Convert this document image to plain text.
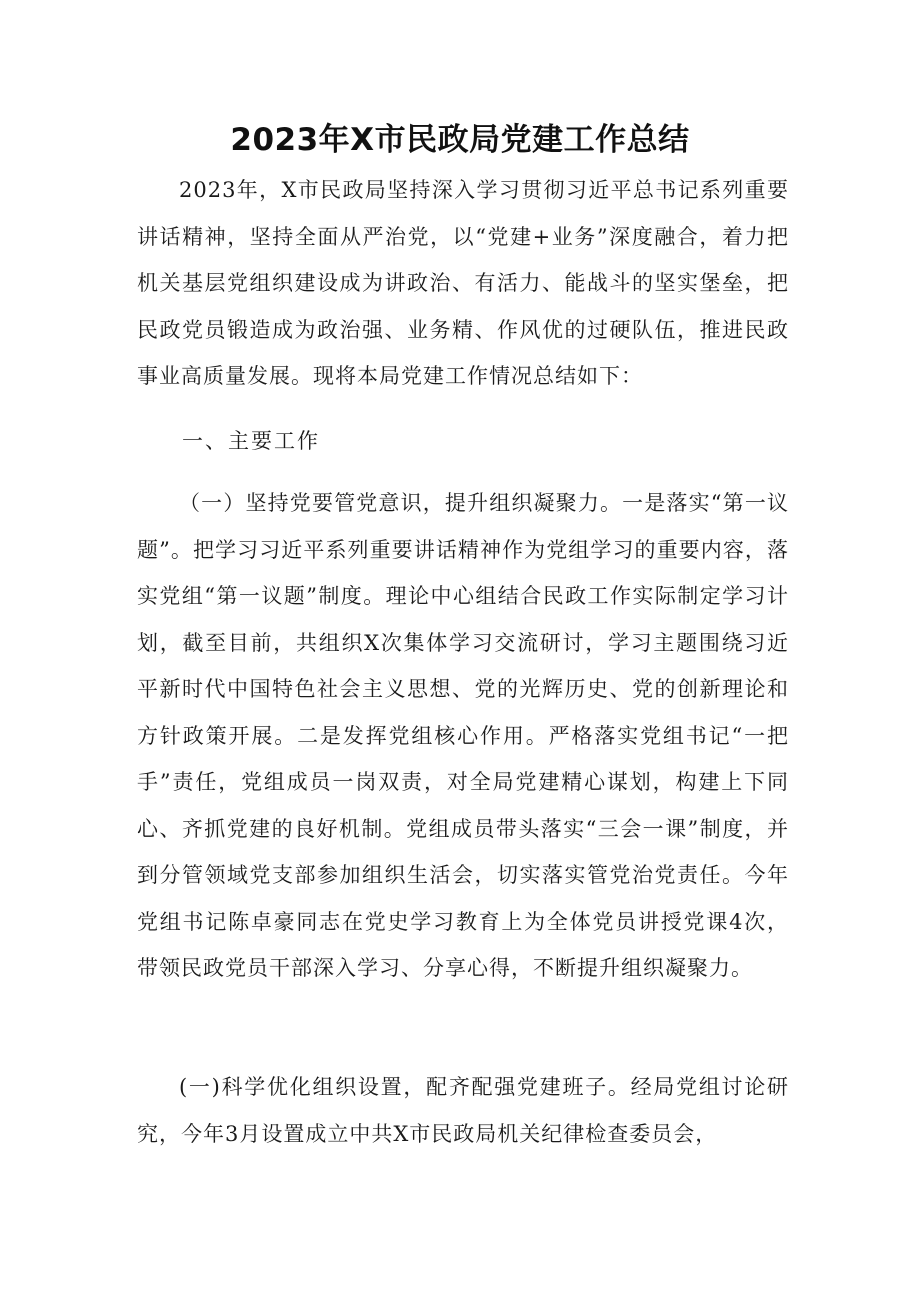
2023年X市民政局党建工作总结

2023年，X市民政局坚持深入学习贯彻习近平总书记系列重要讲话精神，坚持全面从严治党，以“党建+业务”深度融合，着力把机关基层党组织建设成为讲政治、有活力、能战斗的坚实堡垒，把民政党员锻造成为政治强、业务精、作风优的过硬队伍，推进民政事业高质量发展。现将本局党建工作情况总结如下：

一、主要工作

（一）坚持党要管党意识，提升组织凝聚力。一是落实“第一议题”。把学习习近平系列重要讲话精神作为党组学习的重要内容，落实党组“第一议题”制度。理论中心组结合民政工作实际制定学习计划，截至目前，共组织X次集体学习交流研讨，学习主题围绕习近平新时代中国特色社会主义思想、党的光辉历史、党的创新理论和方针政策开展。二是发挥党组核心作用。严格落实党组书记“一把手”责任，党组成员一岗双责，对全局党建精心谋划，构建上下同心、齐抓党建的良好机制。党组成员带头落实“三会一课”制度，并到分管领域党支部参加组织生活会，切实落实管党治党责任。今年党组书记陈卓豪同志在党史学习教育上为全体党员讲授党课4次，带领民政党员干部深入学习、分享心得，不断提升组织凝聚力。

(一)科学优化组织设置，配齐配强党建班子。经局党组讨论研究，今年3月设置成立中共X市民政局机关纪律检查委员会，
